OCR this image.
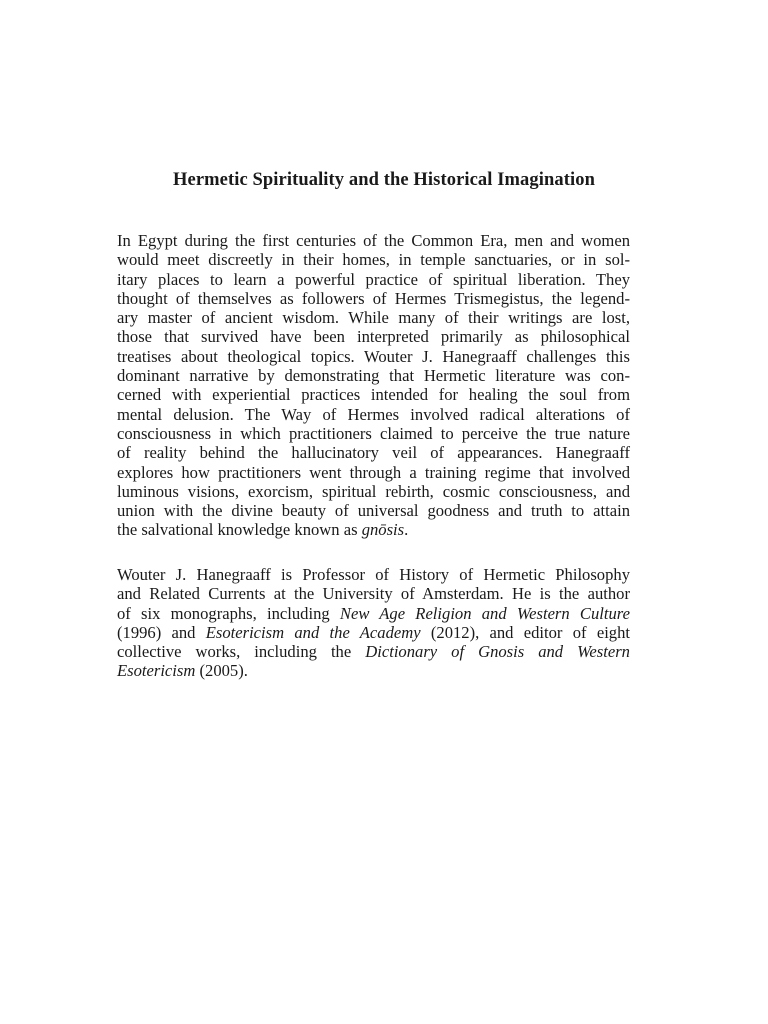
Hermetic Spirituality and the Historical Imagination
In Egypt during the first centuries of the Common Era, men and women
would meet discreetly in their homes, in temple sanctuaries, or in sol-
itary places to learn a powerful practice of spiritual liberation. They
thought of themselves as followers of Hermes Trismegistus, the legend-
ary master of ancient wisdom. While many of their writings are lost,
those that survived have been interpreted primarily as philosophical
treatises about theological topics. Wouter J. Hanegraaff challenges this
dominant narrative by demonstrating that Hermetic literature was con-
cerned with experiential practices intended for healing the soul from
mental delusion. The Way of Hermes involved radical alterations of
consciousness in which practitioners claimed to perceive the true nature
of reality behind the hallucinatory veil of appearances. Hanegraaff
explores how practitioners went through a training regime that involved
luminous visions, exorcism, spiritual rebirth, cosmic consciousness, and
union with the divine beauty of universal goodness and truth to attain
the salvational knowledge known as gnōsis.
Wouter J. Hanegraaff is Professor of History of Hermetic Philosophy
and Related Currents at the University of Amsterdam. He is the author
of six monographs, including New Age Religion and Western Culture
(1996) and Esotericism and the Academy (2012), and editor of eight
collective works, including the Dictionary of Gnosis and Western
Esotericism (2005).
